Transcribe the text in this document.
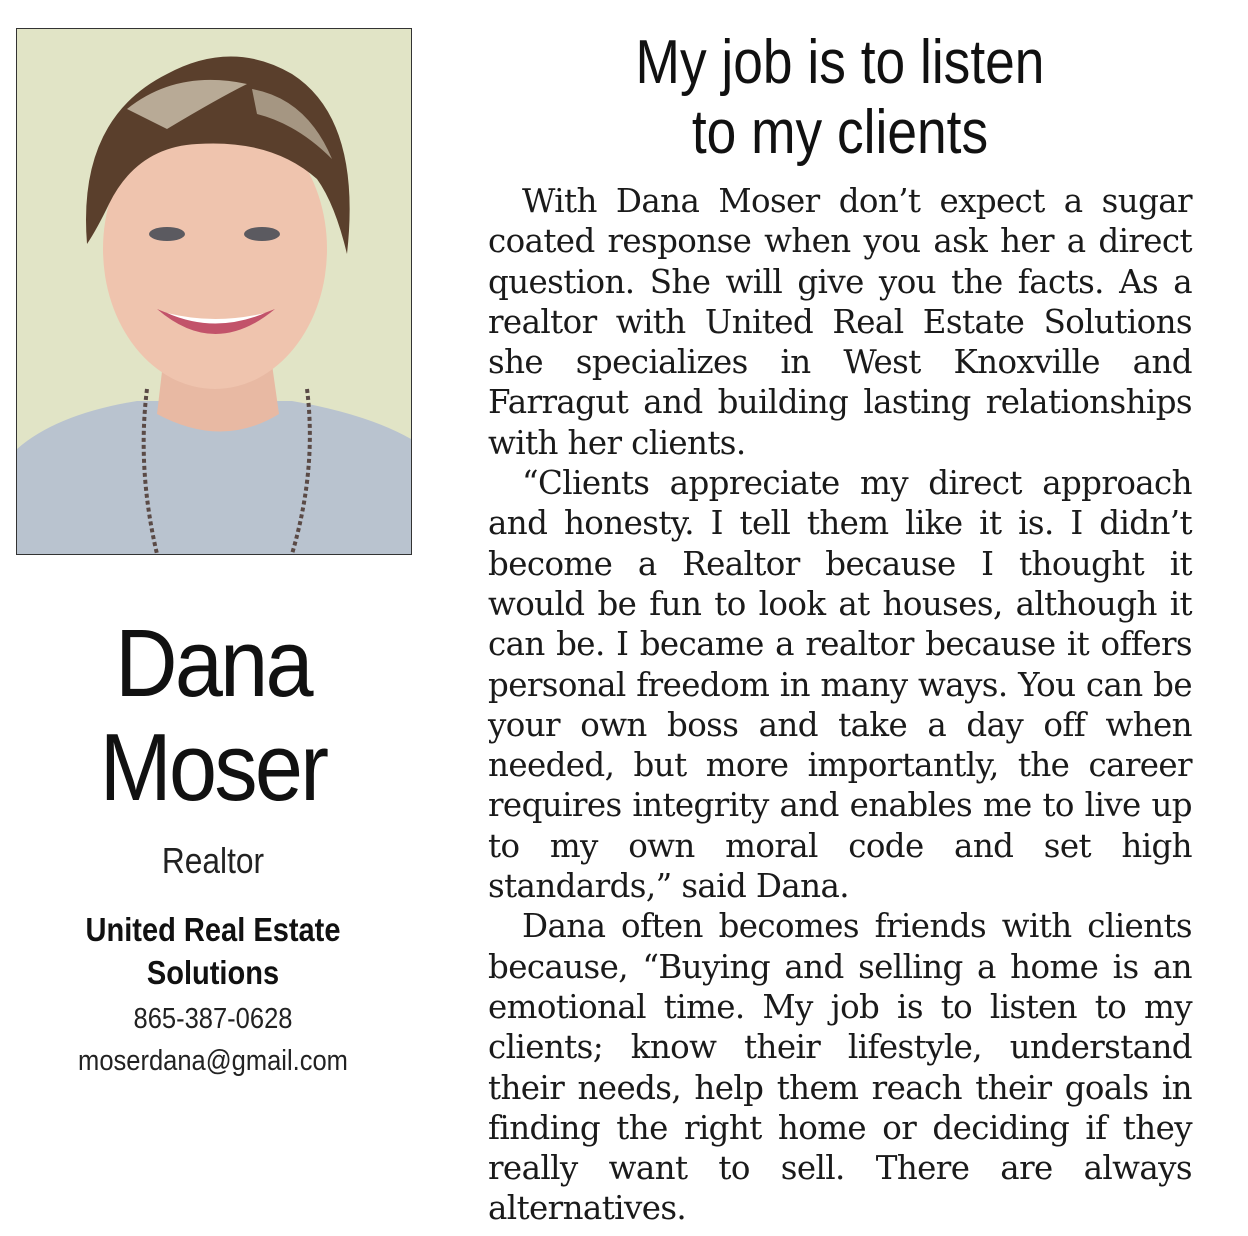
Dana
Moser
Realtor
United Real Estate
Solutions
865-387-0628
moserdana@gmail.com
My job is to listen
to my clients

With Dana Moser don’t expect a sugar coated response when you ask her a direct question. She will give you the facts. As a realtor with United Real Estate Solutions she specializes in West Knoxville and Farragut and building lasting relationships with her clients.

“Clients appreciate my direct approach and honesty. I tell them like it is. I didn’t become a Realtor because I thought it would be fun to look at houses, although it can be. I became a realtor because it offers personal freedom in many ways. You can be your own boss and take a day off when needed, but more importantly, the career requires integrity and enables me to live up to my own moral code and set high standards,” said Dana.

Dana often becomes friends with clients because, “Buying and selling a home is an emotional time. My job is to listen to my clients; know their lifestyle, understand their needs, help them reach their goals in finding the right home or deciding if they really want to sell. There are always alternatives.
